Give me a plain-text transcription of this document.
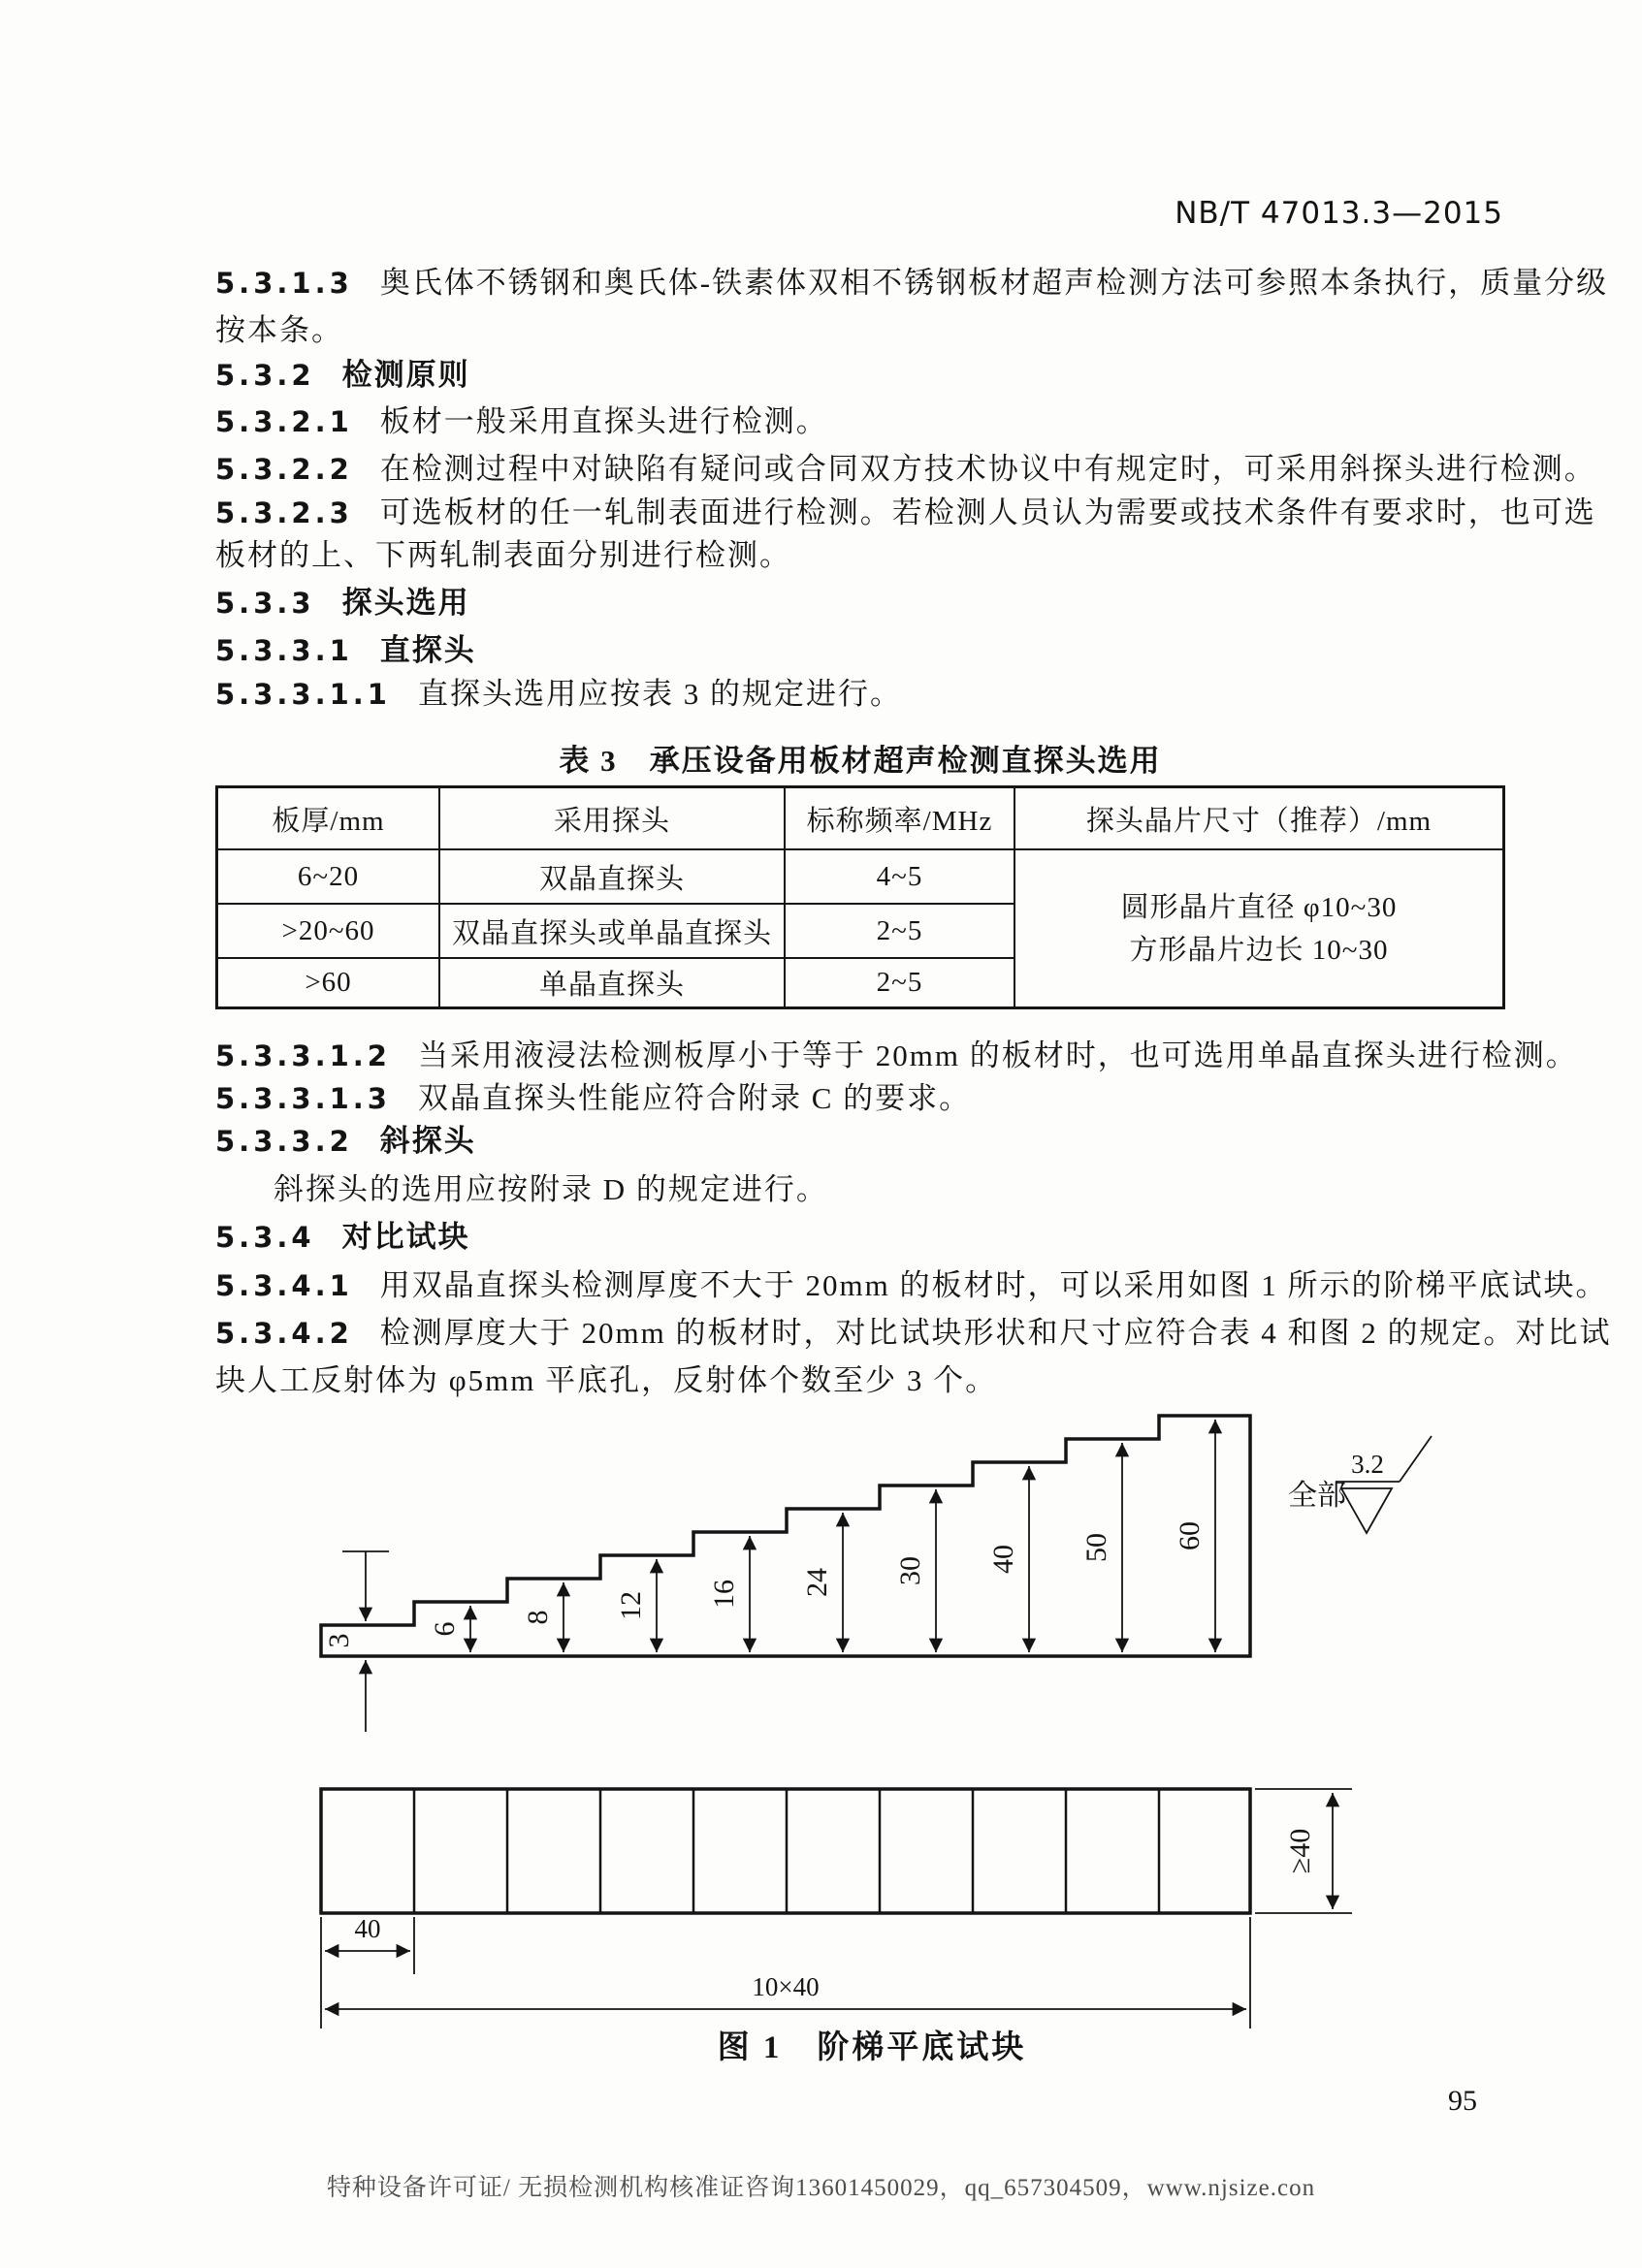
NB/T 47013.3—2015
5.3.1.3 奥氏体不锈钢和奥氏体-铁素体双相不锈钢板材超声检测方法可参照本条执行，质量分级
按本条。
5.3.2 检测原则
5.3.2.1 板材一般采用直探头进行检测。
5.3.2.2 在检测过程中对缺陷有疑问或合同双方技术协议中有规定时，可采用斜探头进行检测。
5.3.2.3 可选板材的任一轧制表面进行检测。若检测人员认为需要或技术条件有要求时，也可选
板材的上、下两轧制表面分别进行检测。
5.3.3 探头选用
5.3.3.1 直探头
5.3.3.1.1 直探头选用应按表 3 的规定进行。
表 3　承压设备用板材超声检测直探头选用
板厚/mm	采用探头	标称频率/MHz	探头晶片尺寸（推荐）/mm
6~20	双晶直探头	4~5
>20~60	双晶直探头或单晶直探头	2~5
>60	单晶直探头	2~5
圆形晶片直径 φ10~30
方形晶片边长 10~30
5.3.3.1.2 当采用液浸法检测板厚小于等于 20mm 的板材时，也可选用单晶直探头进行检测。
5.3.3.1.3 双晶直探头性能应符合附录 C 的要求。
5.3.3.2 斜探头
斜探头的选用应按附录 D 的规定进行。
5.3.4 对比试块
5.3.4.1 用双晶直探头检测厚度不大于 20mm 的板材时，可以采用如图 1 所示的阶梯平底试块。
5.3.4.2 检测厚度大于 20mm 的板材时，对比试块形状和尺寸应符合表 4 和图 2 的规定。对比试
块人工反射体为 φ5mm 平底孔，反射体个数至少 3 个。
3
6
8 12 16 24 30 40 50 60
全部
3.2
≥40
40
10×40
图 1　阶梯平底试块
95
特种设备许可证/ 无损检测机构核准证咨询13601450029，qq_657304509，www.njsize.con
